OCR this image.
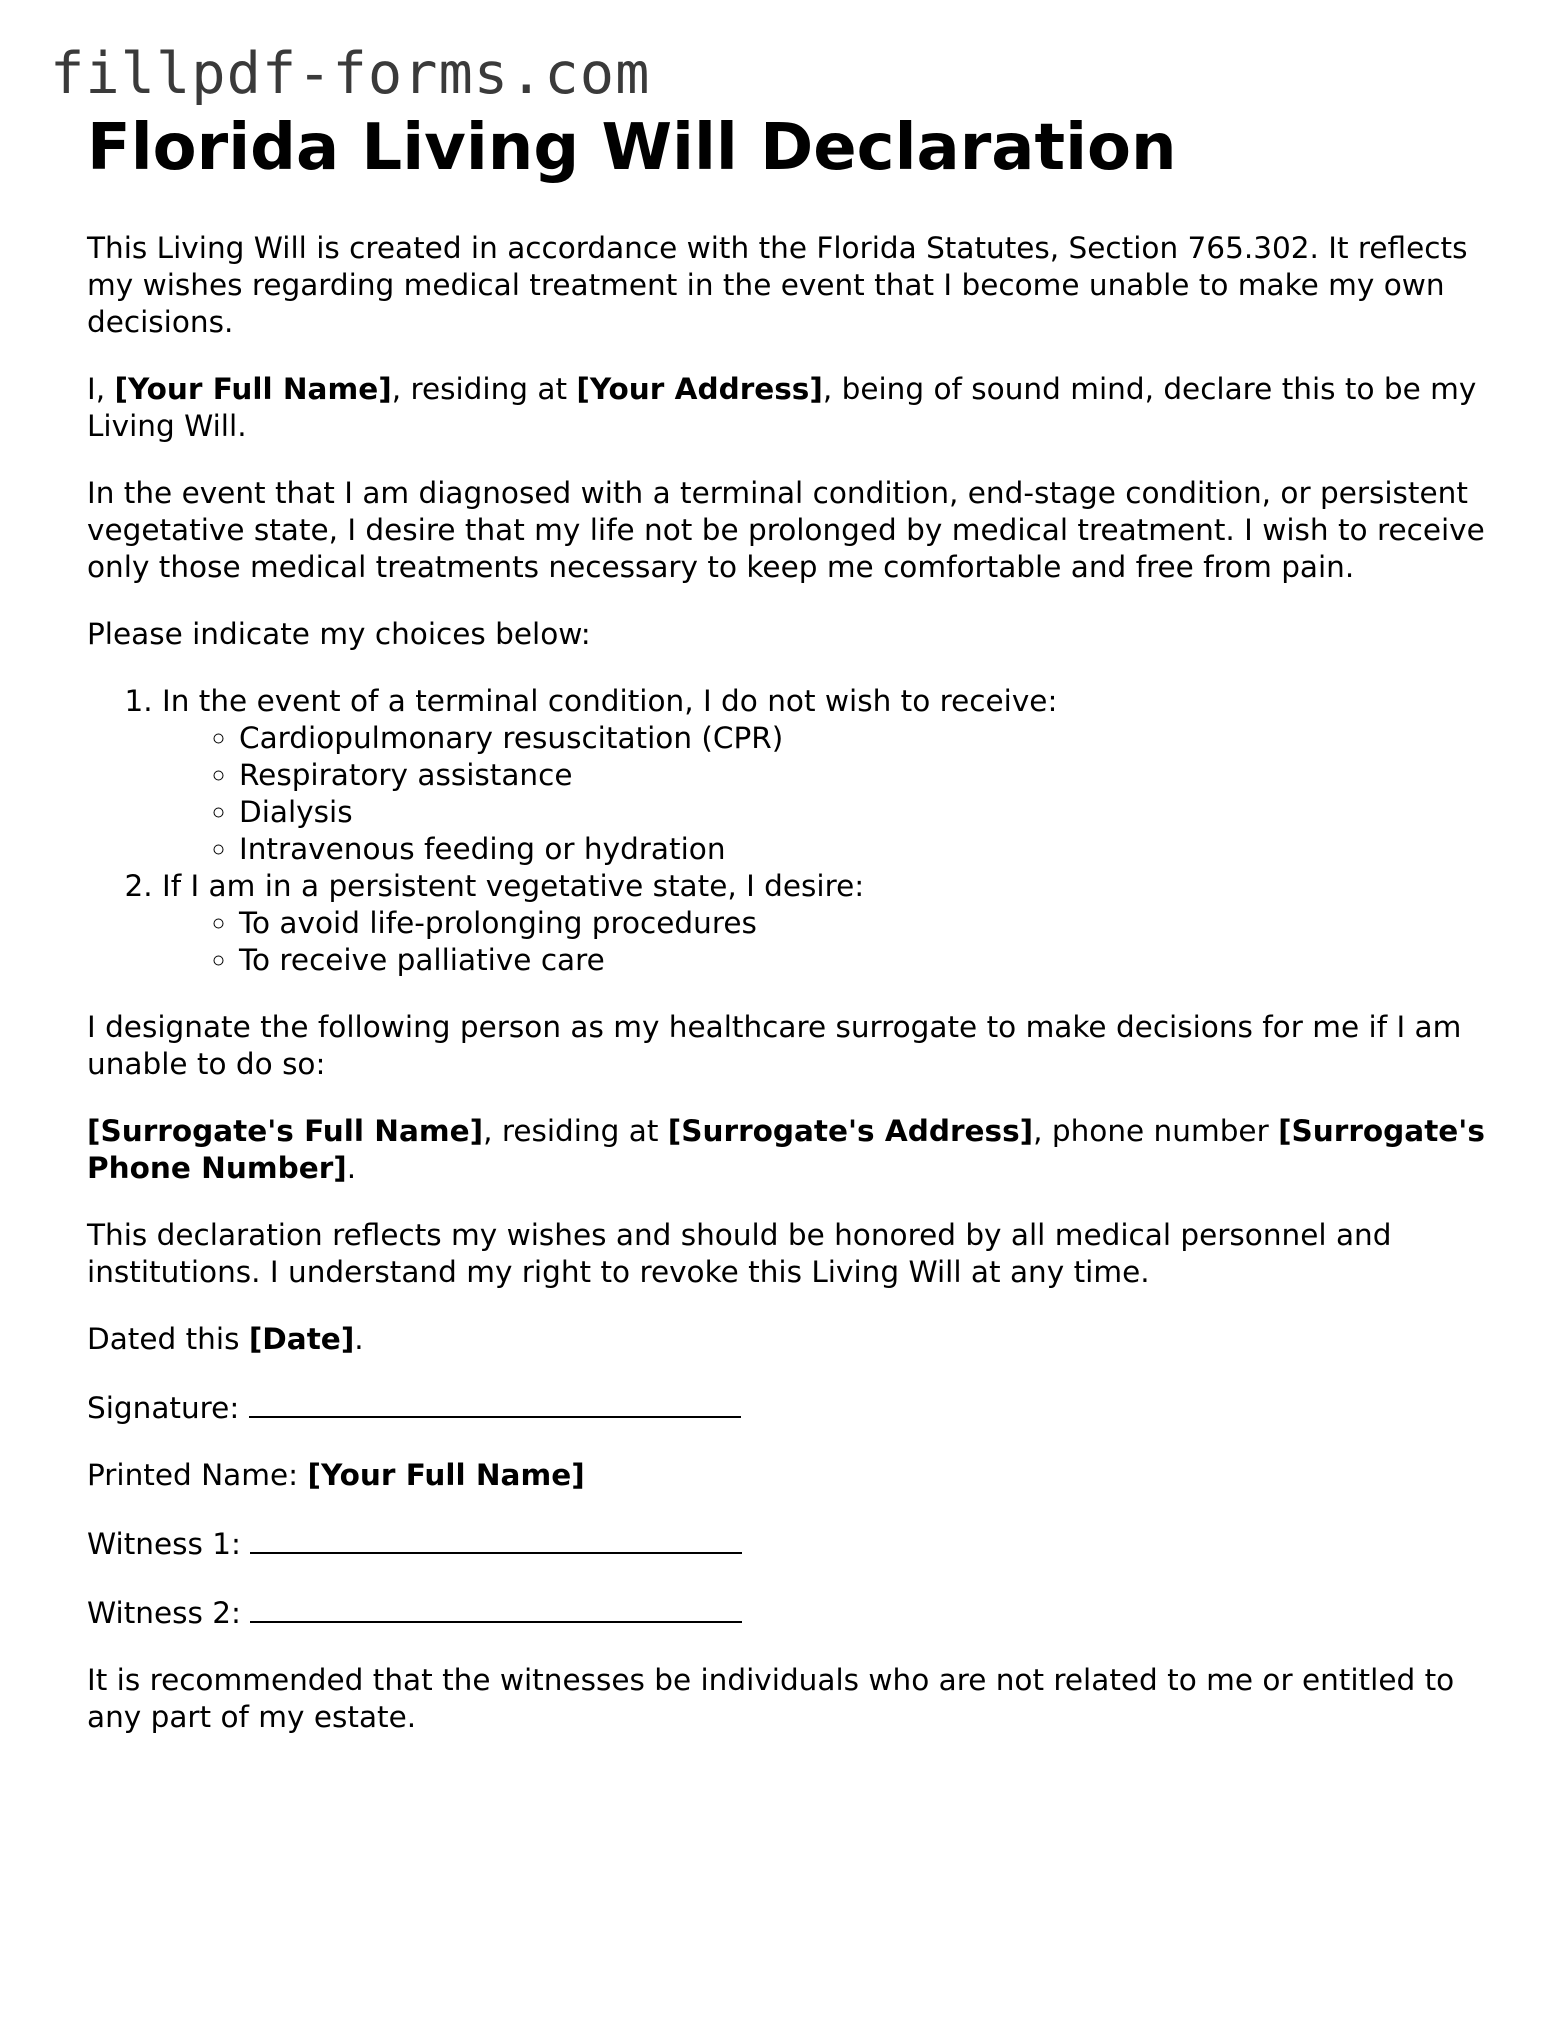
fillpdf-forms.com
Florida Living Will Declaration

This Living Will is created in accordance with the Florida Statutes, Section 765.302. It reflects my wishes regarding medical treatment in the event that I become unable to make my own decisions.

I, [Your Full Name], residing at [Your Address], being of sound mind, declare this to be my Living Will.

In the event that I am diagnosed with a terminal condition, end-stage condition, or persistent vegetative state, I desire that my life not be prolonged by medical treatment. I wish to receive only those medical treatments necessary to keep me comfortable and free from pain.

Please indicate my choices below:

1. In the event of a terminal condition, I do not wish to receive:
◦ Cardiopulmonary resuscitation (CPR)
◦ Respiratory assistance
◦ Dialysis
◦ Intravenous feeding or hydration
2. If I am in a persistent vegetative state, I desire:
◦ To avoid life-prolonging procedures
◦ To receive palliative care

I designate the following person as my healthcare surrogate to make decisions for me if I am unable to do so:

[Surrogate's Full Name], residing at [Surrogate's Address], phone number [Surrogate's Phone Number].

This declaration reflects my wishes and should be honored by all medical personnel and institutions. I understand my right to revoke this Living Will at any time.

Dated this [Date].

Signature:

Printed Name: [Your Full Name]

Witness 1:

Witness 2:

It is recommended that the witnesses be individuals who are not related to me or entitled to any part of my estate.
